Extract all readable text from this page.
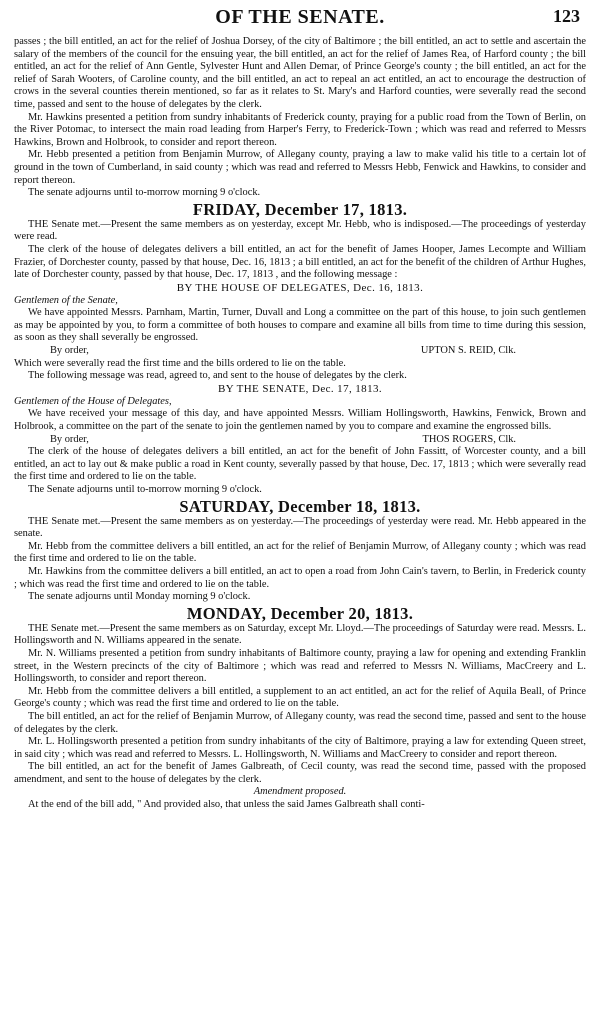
OF THE SENATE.	123

passes ; the bill entitled, an act for the relief of Joshua Dorsey, of the city of Baltimore ; the bill entitled, an act to settle and ascertain the salary of the members of the council for the ensuing year, the bill entitled, an act for the relief of James Rea, of Harford county ; the bill entitled, an act for the relief of Ann Gentle, Sylvester Hunt and Allen Demar, of Prince George's county ; the bill entitled, an act for the relief of Sarah Wooters, of Caroline county, and the bill entitled, an act to repeal an act entitled, an act to encourage the destruction of crows in the several counties therein mentioned, so far as it relates to St. Mary's and Harford counties, were severally read the second time, passed and sent to the house of delegates by the clerk.

Mr. Hawkins presented a petition from sundry inhabitants of Frederick county, praying for a public road from the Town of Berlin, on the River Potomac, to intersect the main road leading from Harper's Ferry, to Frederick-Town ; which was read and referred to Messrs Hawkins, Brown and Holbrook, to consider and report thereon.

Mr. Hebb presented a petition from Benjamin Murrow, of Allegany county, praying a law to make valid his title to a certain lot of ground in the town of Cumberland, in said county ; which was read and referred to Messrs Hebb, Fenwick and Hawkins, to consider and report thereon.

The senate adjourns until to-morrow morning 9 o'clock.

FRIDAY, December 17, 1813.

THE Senate met.—Present the same members as on yesterday, except Mr. Hebb, who is indisposed.—The proceedings of yesterday were read.

The clerk of the house of delegates delivers a bill entitled, an act for the benefit of James Hooper, James Lecompte and William Frazier, of Dorchester county, passed by that house, Dec. 16, 1813 ; a bill entitled, an act for the benefit of the children of Arthur Hughes, late of Dorchester county, passed by that house, Dec. 17, 1813 , and the following message :

BY THE HOUSE OF DELEGATES, Dec. 16, 1813.

Gentlemen of the Senate,

We have appointed Messrs. Parnham, Martin, Turner, Duvall and Long a committee on the part of this house, to join such gentlemen as may be appointed by you, to form a committee of both houses to compare and examine all bills from time to time during this session, as soon as they shall severally be engrossed.

By order,	UPTON S. REID, Clk.

Which were severally read the first time and the bills ordered to lie on the table.

The following message was read, agreed to, and sent to the house of delegates by the clerk.

BY THE SENATE, Dec. 17, 1813.

Gentlemen of the House of Delegates,

We have received your message of this day, and have appointed Messrs. William Hollingsworth, Hawkins, Fenwick, Brown and Holbrook, a committee on the part of the senate to join the gentlemen named by you to compare and examine the engrossed bills.

By order,	THOS ROGERS, Clk.

The clerk of the house of delegates delivers a bill entitled, an act for the benefit of John Fassitt, of Worcester county, and a bill entitled, an act to lay out & make public a road in Kent county, severally passed by that house, Dec. 17, 1813 ; which were severally read the first time and ordered to lie on the table.

The Senate adjourns until to-morrow morning 9 o'clock.

SATURDAY, December 18, 1813.

THE Senate met.—Present the same members as on yesterday.—The proceedings of yesterday were read. Mr. Hebb appeared in the senate.

Mr. Hebb from the committee delivers a bill entitled, an act for the relief of Benjamin Murrow, of Allegany county ; which was read the first time and ordered to lie on the table.

Mr. Hawkins from the committee delivers a bill entitled, an act to open a road from John Cain's tavern, to Berlin, in Frederick county ; which was read the first time and ordered to lie on the table.

The senate adjourns until Monday morning 9 o'clock.

MONDAY, December 20, 1813.

THE Senate met.—Present the same members as on Saturday, except Mr. Lloyd.—The proceedings of Saturday were read. Messrs. L. Hollingsworth and N. Williams appeared in the senate.

Mr. N. Williams presented a petition from sundry inhabitants of Baltimore county, praying a law for opening and extending Franklin street, in the Western precincts of the city of Baltimore ; which was read and referred to Messrs N. Williams, MacCreery and L. Hollingsworth, to consider and report thereon.

Mr. Hebb from the committee delivers a bill entitled, a supplement to an act entitled, an act for the relief of Aquila Beall, of Prince George's county ; which was read the first time and ordered to lie on the table.

The bill entitled, an act for the relief of Benjamin Murrow, of Allegany county, was read the second time, passed and sent to the house of delegates by the clerk.

Mr. L. Hollingsworth presented a petition from sundry inhabitants of the city of Baltimore, praying a law for extending Queen street, in said city ; which was read and referred to Messrs. L. Hollingsworth, N. Williams and MacCreery to consider and report thereon.

The bill entitled, an act for the benefit of James Galbreath, of Cecil county, was read the second time, passed with the proposed amendment, and sent to the house of delegates by the clerk.

Amendment proposed.

At the end of the bill add, " And provided also, that unless the said James Galbreath shall conti-
